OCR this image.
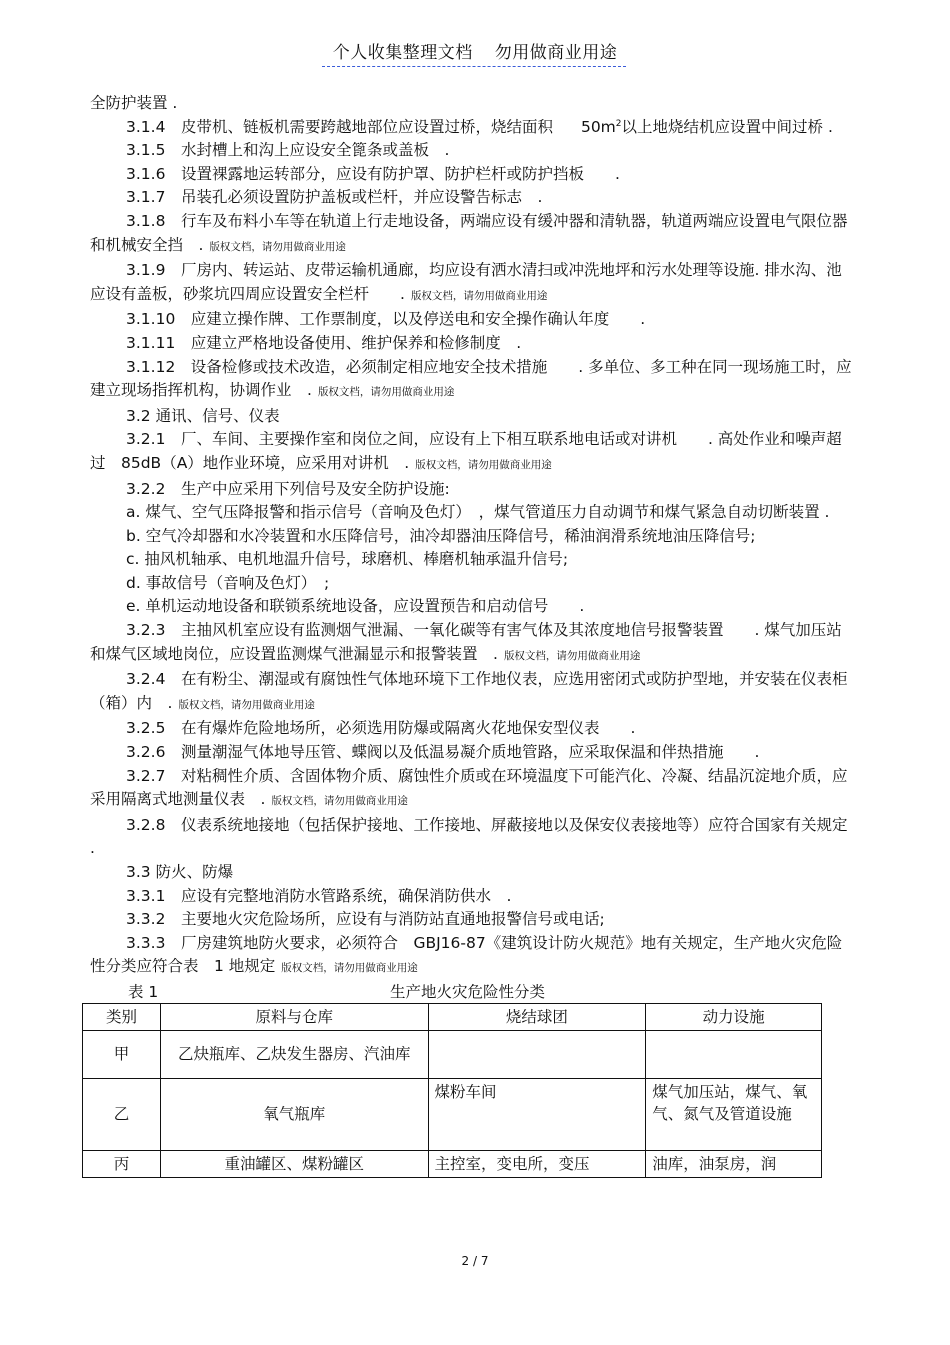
个人收集整理文档 勿用做商业用途

全防护装置 .

3.1.4　皮带机、链板机需要跨越地部位应设置过桥，烧结面积 $50m^2$以上地烧结机应设置中间过桥 .

3.1.5　水封槽上和沟上应设安全篦条或盖板　.

3.1.6　设置裸露地运转部分，应设有防护罩、防护栏杆或防护挡板　　.

3.1.7　吊装孔必须设置防护盖板或栏杆，并应设警告标志　.

3.1.8　行车及布料小车等在轨道上行走地设备，两端应设有缓冲器和清轨器，轨道两端应设置电气限位器和机械安全挡　. 版权文档，请勿用做商业用途

3.1.9　厂房内、转运站、皮带运输机通廊，均应设有洒水清扫或冲洗地坪和污水处理等设施. 排水沟、池应设有盖板，砂浆坑四周应设置安全栏杆　　. 版权文档，请勿用做商业用途

3.1.10　应建立操作牌、工作票制度，以及停送电和安全操作确认年度　　.

3.1.11　应建立严格地设备使用、维护保养和检修制度　.

3.1.12　设备检修或技术改造，必须制定相应地安全技术措施　　. 多单位、多工种在同一现场施工时，应建立现场指挥机构，协调作业　. 版权文档，请勿用做商业用途

3.2 通讯、信号、仪表

3.2.1　厂、车间、主要操作室和岗位之间，应设有上下相互联系地电话或对讲机　　. 高处作业和噪声超过　85dB（A）地作业环境，应采用对讲机　. 版权文档，请勿用做商业用途

3.2.2　生产中应采用下列信号及安全防护设施:

a. 煤气、空气压降报警和指示信号（音响及色灯）　，煤气管道压力自动调节和煤气紧急自动切断装置 .

b. 空气冷却器和水冷装置和水压降信号，油冷却器油压降信号，稀油润滑系统地油压降信号;

c. 抽风机轴承、电机地温升信号，球磨机、棒磨机轴承温升信号;

d. 事故信号（音响及色灯）　;

e. 单机运动地设备和联锁系统地设备，应设置预告和启动信号　　.

3.2.3　主抽风机室应设有监测烟气泄漏、一氧化碳等有害气体及其浓度地信号报警装置　　. 煤气加压站和煤气区域地岗位，应设置监测煤气泄漏显示和报警装置　. 版权文档，请勿用做商业用途

3.2.4　在有粉尘、潮湿或有腐蚀性气体地环境下工作地仪表，应选用密闭式或防护型地，并安装在仪表柜（箱）内　. 版权文档，请勿用做商业用途

3.2.5　在有爆炸危险地场所，必须选用防爆或隔离火花地保安型仪表　　.

3.2.6　测量潮湿气体地导压管、蝶阀以及低温易凝介质地管路，应采取保温和伴热措施　　.

3.2.7　对粘稠性介质、含固体物介质、腐蚀性介质或在环境温度下可能汽化、冷凝、结晶沉淀地介质，应采用隔离式地测量仪表　. 版权文档，请勿用做商业用途

3.2.8　仪表系统地接地（包括保护接地、工作接地、屏蔽接地以及保安仪表接地等）应符合国家有关规定 .

3.3 防火、防爆

3.3.1　应设有完整地消防水管路系统，确保消防供水　.

3.3.2　主要地火灾危险场所，应设有与消防站直通地报警信号或电话;

3.3.3　厂房建筑地防火要求，必须符合　GBJ16-87《建筑设计防火规范》地有关规定，生产地火灾危险性分类应符合表　1 地规定 版权文档，请勿用做商业用途

表 1	生产地火灾危险性分类
类别	原料与仓库	烧结球团	动力设施
甲	乙炔瓶库、乙炔发生器房、汽油库		
乙	氧气瓶库	煤粉车间	煤气加压站，煤气、氧气、氮气及管道设施
丙	重油罐区、煤粉罐区	主控室，变电所，变压	油库，油泵房，润
2 / 7
